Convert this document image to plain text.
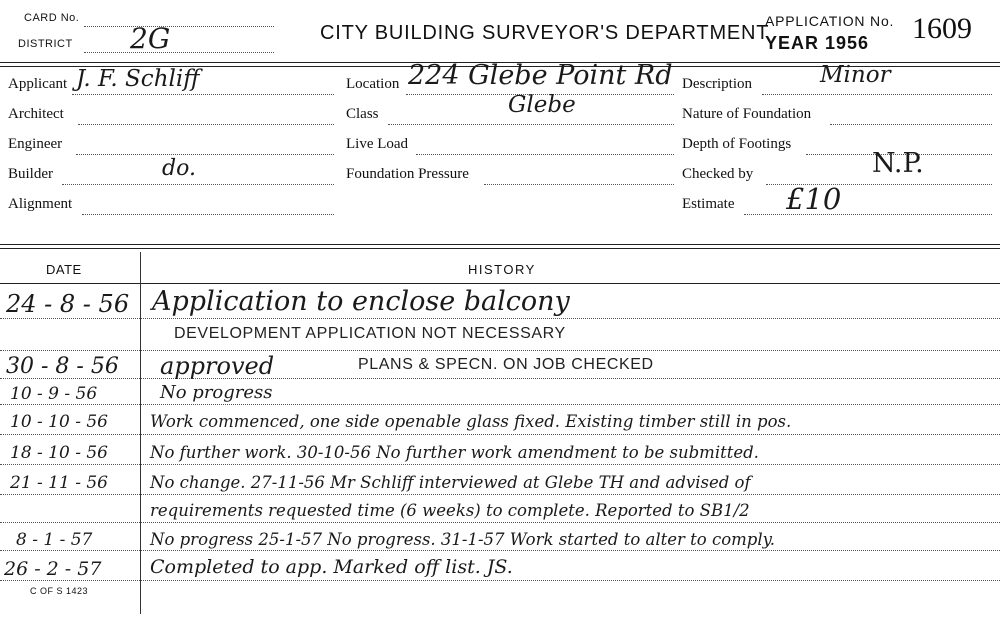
CARD No.
DISTRICT 2G	CITY BUILDING SURVEYOR'S DEPARTMENT
APPLICATION No.
YEAR 1956 1609
Applicant J. F. Schliff
Architect
Engineer
Builder	do.
Alignment
Location 224 Glebe Point Rd
Class	Glebe
Live Load
Foundation Pressure
Description	Minor
Nature of Foundation
Depth of Footings
Checked by	N.P.
Estimate £10
DATE	HISTORY
24 - 8 - 56 Application to enclose balcony
DEVELOPMENT APPLICATION NOT NECESSARY
30 - 8 - 56 approved	PLANS & SPECN. ON JOB CHECKED
10 - 9 - 56	No progress
10 - 10 - 56	Work commenced, one side openable glass fixed. Existing timber still in pos.
18 - 10 - 56	No further work. 30-10-56 No further work amendment to be submitted.
21 - 11 - 56	No change. 27-11-56 Mr Schliff interviewed at Glebe TH and advised of
requirements requested time (6 weeks) to complete. Reported to SB1/2
8 - 1 - 57	No progress 25-1-57 No progress. 31-1-57 Work started to alter to comply.
26 - 2 - 57	Completed to app. Marked off list. JS.
C OF S 1423
